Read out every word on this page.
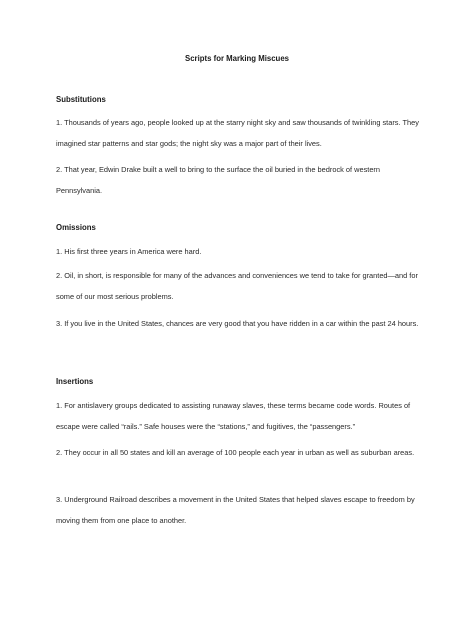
Scripts for Marking Miscues
Substitutions
1. Thousands of years ago, people looked up at the starry night sky and saw thousands of twinkling stars. They imagined star patterns and star gods; the night sky was a major part of their lives.
2. That year, Edwin Drake built a well to bring to the surface the oil buried in the bedrock of western Pennsylvania.
Omissions
1. His first three years in America were hard.
2. Oil, in short, is responsible for many of the advances and conveniences we tend to take for granted—and for some of our most serious problems.
3. If you live in the United States, chances are very good that you have ridden in a car within the past 24 hours.
Insertions
1. For antislavery groups dedicated to assisting runaway slaves, these terms became code words. Routes of escape were called “rails.” Safe houses were the “stations,” and fugitives, the “passengers.”
2. They occur in all 50 states and kill an average of 100 people each year in urban as well as suburban areas.
3. Underground Railroad describes a movement in the United States that helped slaves escape to freedom by moving them from one place to another.
